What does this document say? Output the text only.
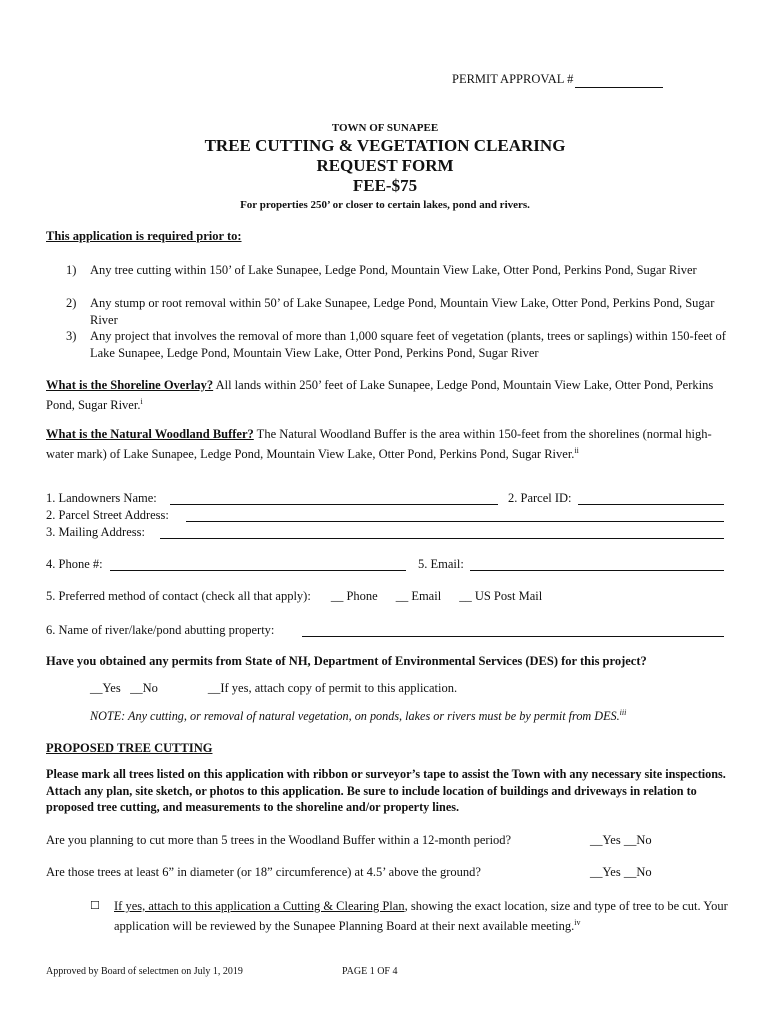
PERMIT APPROVAL #
TOWN OF SUNAPEE
TREE CUTTING & VEGETATION CLEARING
REQUEST FORM
FEE-$75
For properties 250’ or closer to certain lakes, pond and rivers.
This application is required prior to:
1) Any tree cutting within 150’ of Lake Sunapee, Ledge Pond, Mountain View Lake, Otter Pond, Perkins Pond, Sugar River
2) Any stump or root removal within 50’ of Lake Sunapee, Ledge Pond, Mountain View Lake, Otter Pond, Perkins Pond, Sugar River
3) Any project that involves the removal of more than 1,000 square feet of vegetation (plants, trees or saplings) within 150-feet of Lake Sunapee, Ledge Pond, Mountain View Lake, Otter Pond, Perkins Pond, Sugar River
What is the Shoreline Overlay? All lands within 250’ feet of Lake Sunapee, Ledge Pond, Mountain View Lake, Otter Pond, Perkins Pond, Sugar River.$^i$
What is the Natural Woodland Buffer? The Natural Woodland Buffer is the area within 150-feet from the shorelines (normal high-water mark) of Lake Sunapee, Ledge Pond, Mountain View Lake, Otter Pond, Perkins Pond, Sugar River.$^{ii}$
1. Landowners Name:	2. Parcel ID:
2. Parcel Street Address:
3. Mailing Address:
4. Phone #:	5. Email:
5. Preferred method of contact (check all that apply): __ Phone __ Email __ US Post Mail
6. Name of river/lake/pond abutting property:
Have you obtained any permits from State of NH, Department of Environmental Services (DES) for this project?
__Yes __No	__If yes, attach copy of permit to this application.
NOTE: Any cutting, or removal of natural vegetation, on ponds, lakes or rivers must be by permit from DES.$^{iii}$
PROPOSED TREE CUTTING
Please mark all trees listed on this application with ribbon or surveyor’s tape to assist the Town with any necessary site inspections. Attach any plan, site sketch, or photos to this application. Be sure to include location of buildings and driveways in relation to proposed tree cutting, and measurements to the shoreline and/or property lines.
Are you planning to cut more than 5 trees in the Woodland Buffer within a 12-month period?	__Yes __No
Are those trees at least 6” in diameter (or 18” circumference) at 4.5’ above the ground?	__Yes __No
☐ If yes, attach to this application a Cutting & Clearing Plan, showing the exact location, size and type of tree to be cut. Your application will be reviewed by the Sunapee Planning Board at their next available meeting.$^{iv}$
Approved by Board of selectmen on July 1, 2019	PAGE 1 OF 4
